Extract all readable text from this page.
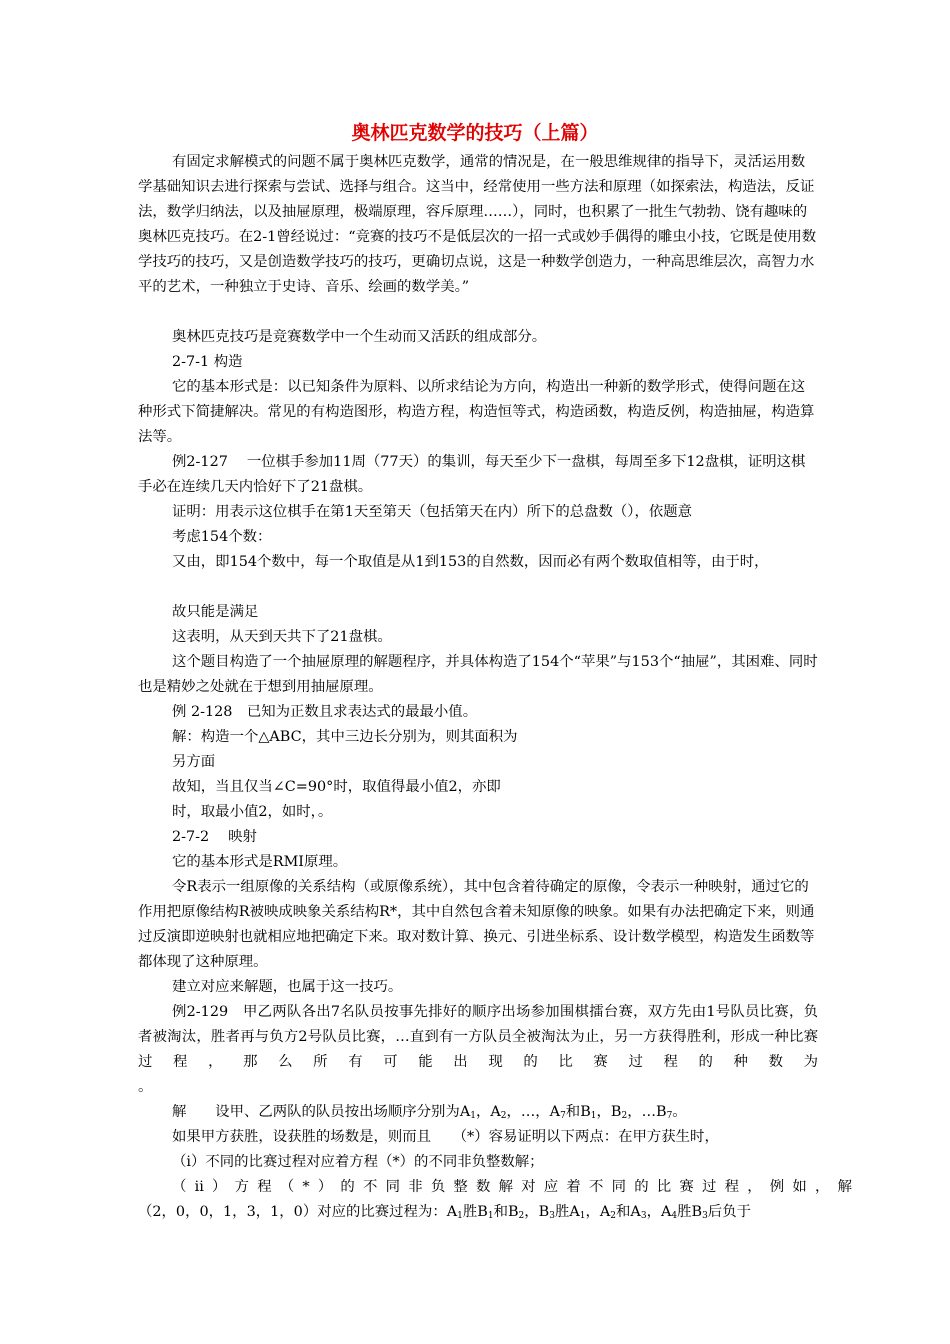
奥林匹克数学的技巧（上篇）
有固定求解模式的问题不属于奥林匹克数学，通常的情况是，在一般思维规律的指导下，灵活运用数学基础知识去进行探索与尝试、选择与组合。这当中，经常使用一些方法和原理（如探索法，构造法，反证法，数学归纳法，以及抽屉原理，极端原理，容斥原理……），同时，也积累了一批生气勃勃、饶有趣味的奥林匹克技巧。在2-1曾经说过：“竞赛的技巧不是低层次的一招一式或妙手偶得的雕虫小技，它既是使用数学技巧的技巧，又是创造数学技巧的技巧，更确切点说，这是一种数学创造力，一种高思维层次，高智力水平的艺术，一种独立于史诗、音乐、绘画的数学美。”
奥林匹克技巧是竞赛数学中一个生动而又活跃的组成部分。
2-7-1 构造
它的基本形式是：以已知条件为原料、以所求结论为方向，构造出一种新的数学形式，使得问题在这种形式下简捷解决。常见的有构造图形，构造方程，构造恒等式，构造函数，构造反例，构造抽屉，构造算法等。
例2-127　 一位棋手参加11周（77天）的集训，每天至少下一盘棋，每周至多下12盘棋，证明这棋手必在连续几天内恰好下了21盘棋。
证明：用表示这位棋手在第1天至第天（包括第天在内）所下的总盘数（），依题意
考虑154个数：
又由，即154个数中，每一个取值是从1到153的自然数，因而必有两个数取值相等，由于时，
故只能是满足
这表明，从天到天共下了21盘棋。
这个题目构造了一个抽屉原理的解题程序，并具体构造了154个“苹果”与153个“抽屉”，其困难、同时也是精妙之处就在于想到用抽屉原理。
例 2-128　已知为正数且求表达式的最最小值。
解：构造一个△ABC，其中三边长分别为，则其面积为
另方面
故知，当且仅当∠C=90°时，取值得最小值2，亦即
时，取最小值2，如时，。
2-7-2　 映射
它的基本形式是RMI原理。
令R表示一组原像的关系结构（或原像系统），其中包含着待确定的原像，令表示一种映射，通过它的作用把原像结构R被映成映象关系结构R*，其中自然包含着未知原像的映象。如果有办法把确定下来，则通过反演即逆映射也就相应地把确定下来。取对数计算、换元、引进坐标系、设计数学模型，构造发生函数等都体现了这种原理。
建立对应来解题，也属于这一技巧。
例2-129　甲乙两队各出7名队员按事先排好的顺序出场参加围棋擂台赛，双方先由1号队员比赛，负者被淘汰，胜者再与负方2号队员比赛，…直到有一方队员全被淘汰为止，另一方获得胜利，形成一种比赛过程，那么所有可能出现的比赛过程的种数为
。
解　　设甲、乙两队的队员按出场顺序分别为$A_1$，$A_2$，…，$A_7$和$B_1$，$B_2$，$\dots B_7$。
如果甲方获胜，设获胜的场数是，则而且　　（*）容易证明以下两点：在甲方获生时，
（i）不同的比赛过程对应着方程（*）的不同非负整数解；
（ii）方程（*）的不同非负整数解对应着不同的比赛过程，例如，解
（2，0，0，1，3，1，0）对应的比赛过程为：$A_1$胜$B_1$和$B_2$，$B_3$胜$A_1$，$A_2$和$A_3$，$A_4$胜$B_3$后负于
